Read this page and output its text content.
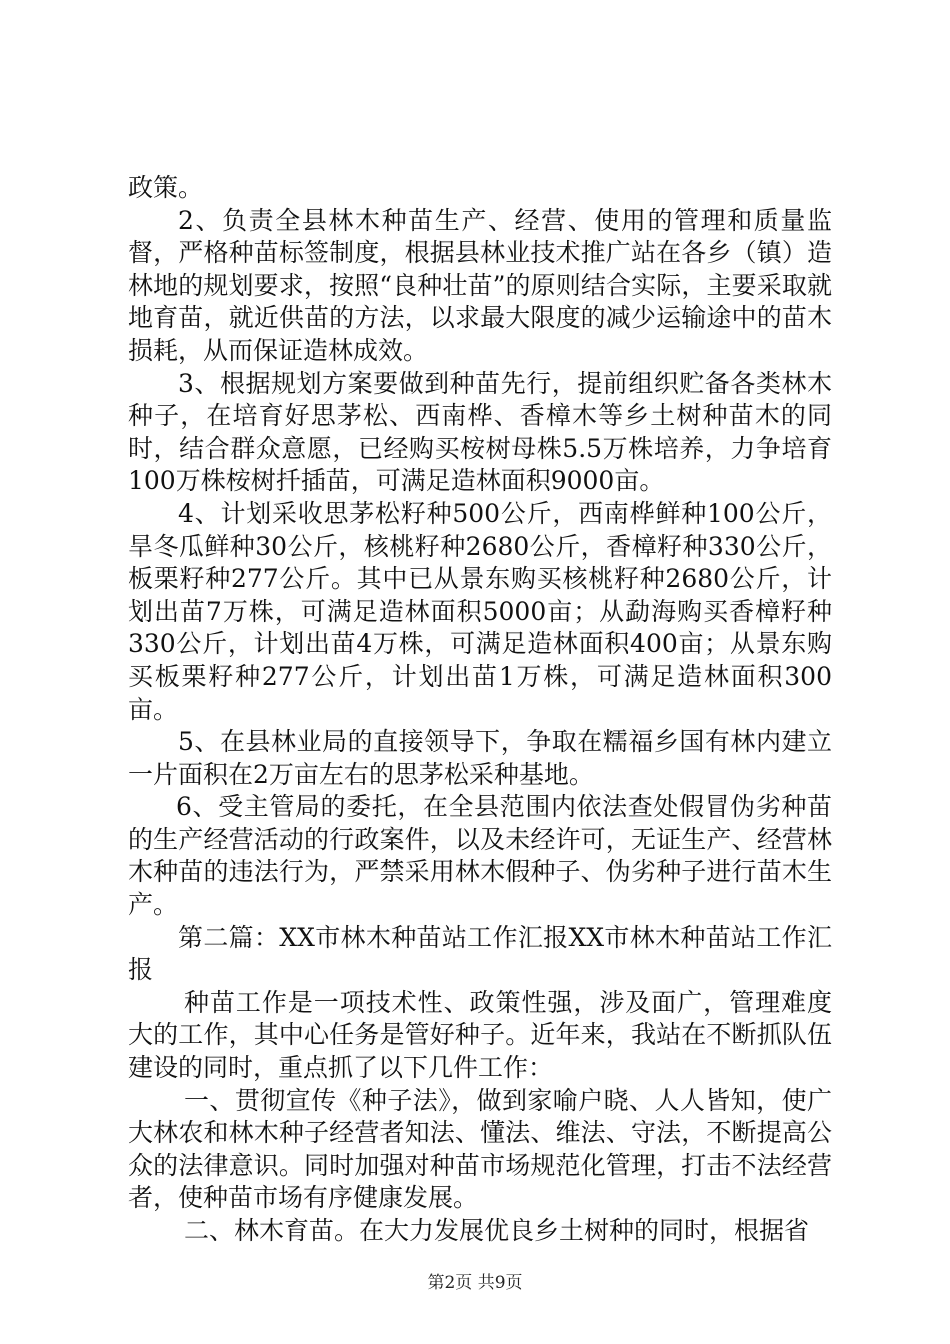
政策。

2、负责全县林木种苗生产、经营、使用的管理和质量监督，严格种苗标签制度，根据县林业技术推广站在各乡（镇）造林地的规划要求，按照“良种壮苗”的原则结合实际，主要采取就地育苗，就近供苗的方法，以求最大限度的减少运输途中的苗木损耗，从而保证造林成效。

3、根据规划方案要做到种苗先行，提前组织贮备各类林木种子，在培育好思茅松、西南桦、香樟木等乡土树种苗木的同时，结合群众意愿，已经购买桉树母株5.5万株培养，力争培育100万株桉树扦插苗，可满足造林面积9000亩。

4、计划采收思茅松籽种500公斤，西南桦鲜种100公斤，旱冬瓜鲜种30公斤，核桃籽种2680公斤，香樟籽种330公斤，板栗籽种277公斤。其中已从景东购买核桃籽种2680公斤，计划出苗7万株，可满足造林面积5000亩；从勐海购买香樟籽种330公斤，计划出苗4万株，可满足造林面积400亩；从景东购买板栗籽种277公斤，计划出苗1万株，可满足造林面积300亩。

5、在县林业局的直接领导下，争取在糯福乡国有林内建立一片面积在2万亩左右的思茅松采种基地。

6、受主管局的委托，在全县范围内依法查处假冒伪劣种苗的生产经营活动的行政案件，以及未经许可，无证生产、经营林木种苗的违法行为，严禁采用林木假种子、伪劣种子进行苗木生产。

第二篇：XX市林木种苗站工作汇报XX市林木种苗站工作汇报

种苗工作是一项技术性、政策性强，涉及面广，管理难度大的工作，其中心任务是管好种子。近年来，我站在不断抓队伍建设的同时，重点抓了以下几件工作：

一、贯彻宣传《种子法》，做到家喻户晓、人人皆知，使广大林农和林木种子经营者知法、懂法、维法、守法，不断提高公众的法律意识。同时加强对种苗市场规范化管理，打击不法经营者，使种苗市场有序健康发展。

二、林木育苗。在大力发展优良乡土树种的同时，根据省

第2页 共9页
